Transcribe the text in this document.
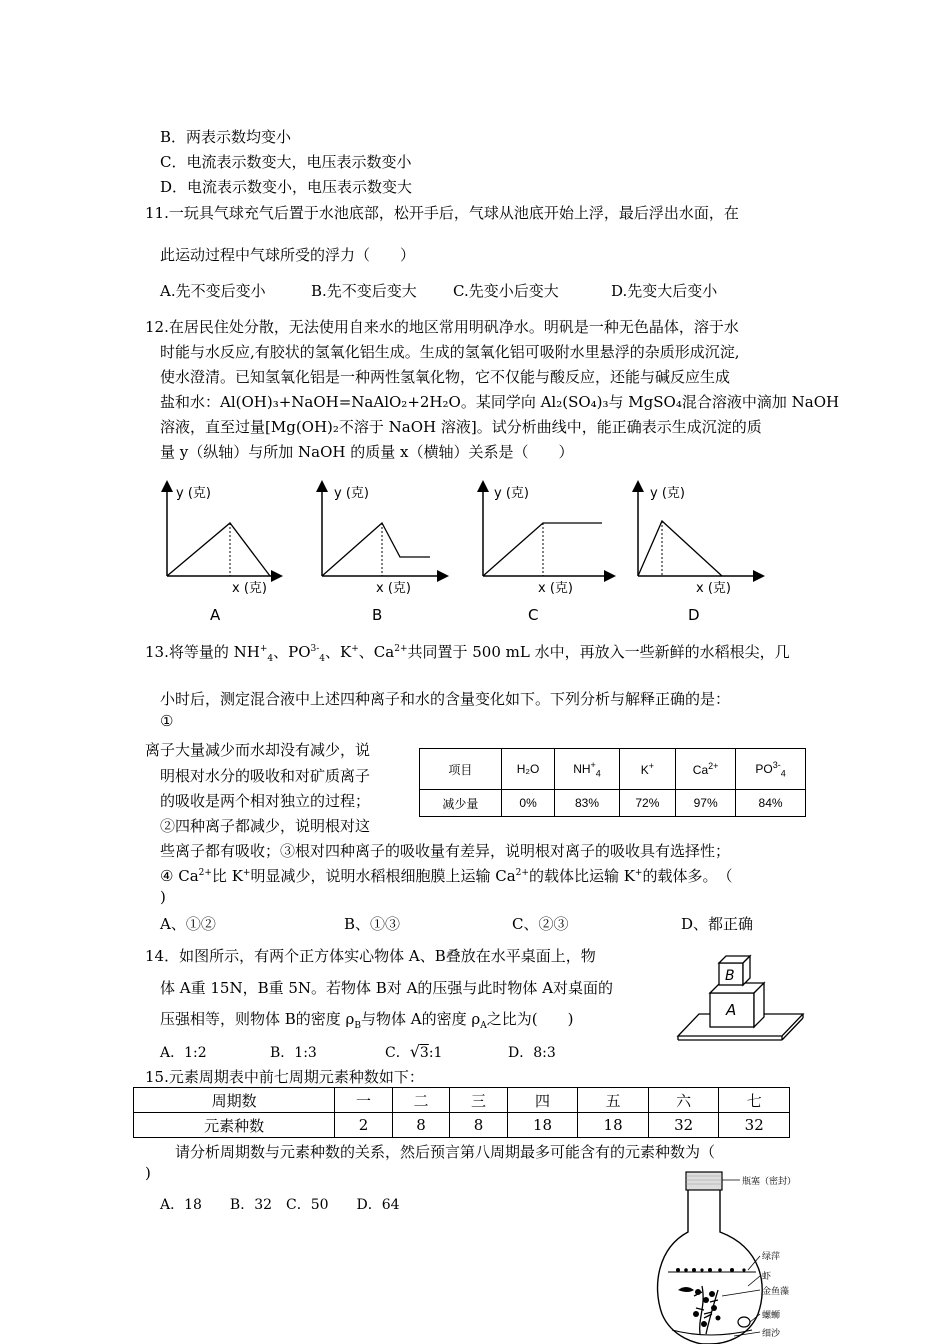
B．两表示数均变小
C．电流表示数变大，电压表示数变小
D．电流表示数变小，电压表示数变大
11.一玩具气球充气后置于水池底部，松开手后，气球从池底开始上浮，最后浮出水面，在
此运动过程中气球所受的浮力（　　）
A.先不变后变小	B.先不变后变大 C.先变小后变大	D.先变大后变小
12.在居民住处分散，无法使用自来水的地区常用明矾净水。明矾是一种无色晶体，溶于水
时能与水反应,有胶状的氢氧化铝生成。生成的氢氧化铝可吸附水里悬浮的杂质形成沉淀,
使水澄清。已知氢氧化铝是一种两性氢氧化物，它不仅能与酸反应，还能与碱反应生成
盐和水：Al(OH)₃+NaOH=NaAlO₂+2H₂O。某同学向 Al₂(SO₄)₃与 MgSO₄混合溶液中滴加 NaOH
溶液，直至过量[Mg(OH)₂不溶于 NaOH 溶液]。试分析曲线中，能正确表示生成沉淀的质
量 y（纵轴）与所加 NaOH 的质量 x（横轴）关系是（　　）
y (克)
x (克)
A
y (克)
x (克)
B
y (克)
x (克)
C
y (克)
x (克)
D
13.将等量的 $NH^+_4$、$PO^{3-}_4$、K+、$Ca^{2+}$共同置于 500 mL 水中，再放入一些新鲜的水稻根尖，几
小时后，测定混合液中上述四种离子和水的含量变化如下。下列分析与解释正确的是：
①
离子大量减少而水却没有减少，说
明根对水分的吸收和对矿质离子
的吸收是两个相对独立的过程；
②四种离子都减少，说明根对这
项目	H₂O	$NH^+_4$	K+	$Ca^{2+}$	$PO^{3-}_4$
减少量	0%	83%	72%	97%	84%
些离子都有吸收；③根对四种离子的吸收量有差异，说明根对离子的吸收具有选择性；
④ $Ca^{2+}$比 K+明显减少，说明水稻根细胞膜上运输 $Ca^{2+}$的载体比运输 K+的载体多。　（
)
A、①②	B、①③	C、②③	D、都正确
14．如图所示，有两个正方体实心物体 A、B叠放在水平桌面上，物
体 A重 15N，B重 5N。若物体 B对 A的压强与此时物体 A对桌面的
压强相等，则物体 B的密度 $\rho_B$与物体 A的密度 $\rho_A$之比为(　　)
A．1:2	B．1:3	C．√3:1	D．8:3
A
B
15.元素周期表中前七周期元素种数如下：
周期数	一	二	三	四	五	六	七
元素种数	2	8	8	18	18	32	32
请分析周期数与元素种数的关系，然后预言第八周期最多可能含有的元素种数为（
)
A．18　　B．32　C．50　　D．64
瓶塞（密封）
绿萍
虾
金鱼藻
螺蛳
细沙
